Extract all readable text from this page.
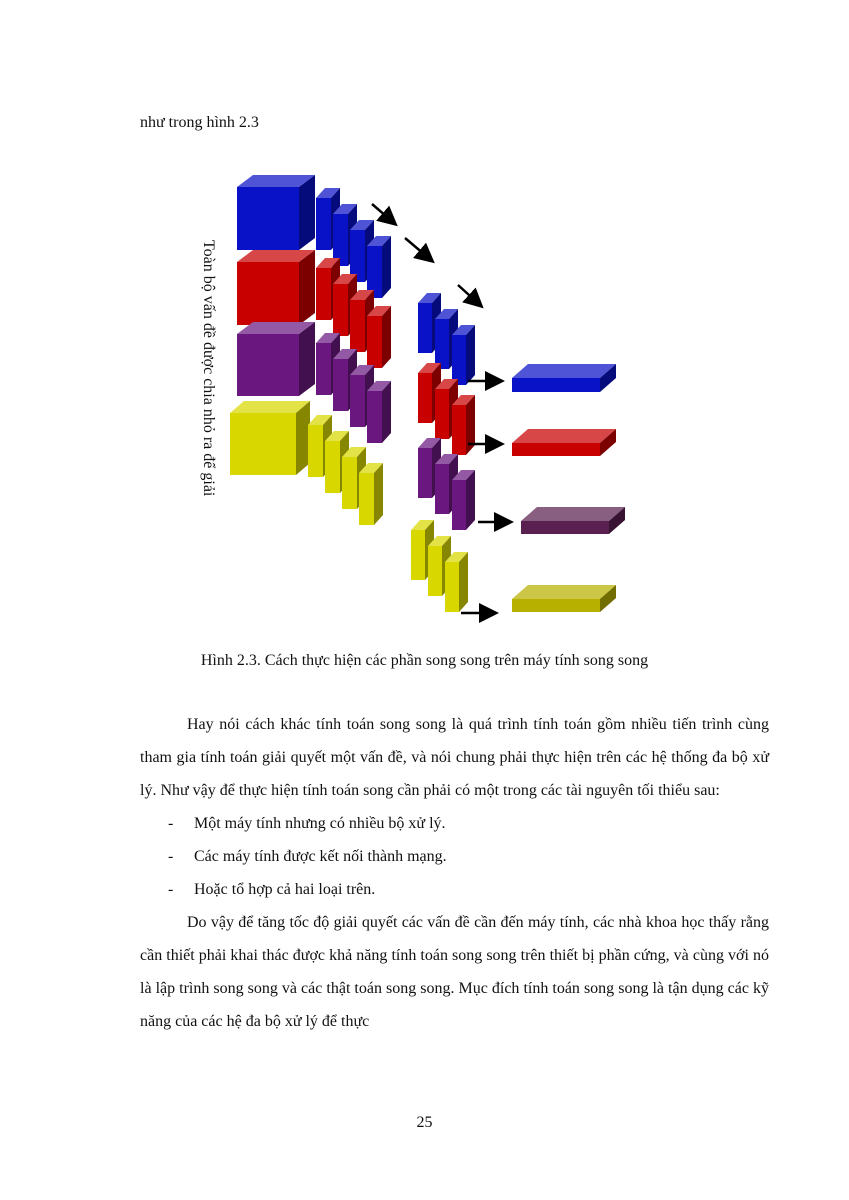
như trong hình 2.3
Toàn bộ vấn đề được chia nhỏ ra để giải
Hình 2.3. Cách thực hiện các phần song song trên máy tính song song

Hay nói cách khác tính toán song song là quá trình tính toán gồm nhiều tiến trình cùng tham gia tính toán giải quyết một vấn đề, và nói chung phải thực hiện trên các hệ thống đa bộ xử lý. Như vậy để thực hiện tính toán song cần phải có một trong các tài nguyên tối thiểu sau:

- Một máy tính nhưng có nhiều bộ xử lý.

- Các máy tính được kết nối thành mạng.

- Hoặc tổ hợp cả hai loại trên.

Do vậy để tăng tốc độ giải quyết các vấn đề cần đến máy tính, các nhà khoa học thấy rằng cần thiết phải khai thác được khả năng tính toán song song trên thiết bị phần cứng, và cùng với nó là lập trình song song và các thật toán song song. Mục đích tính toán song song là tận dụng các kỹ năng của các hệ đa bộ xử lý để thực

25
